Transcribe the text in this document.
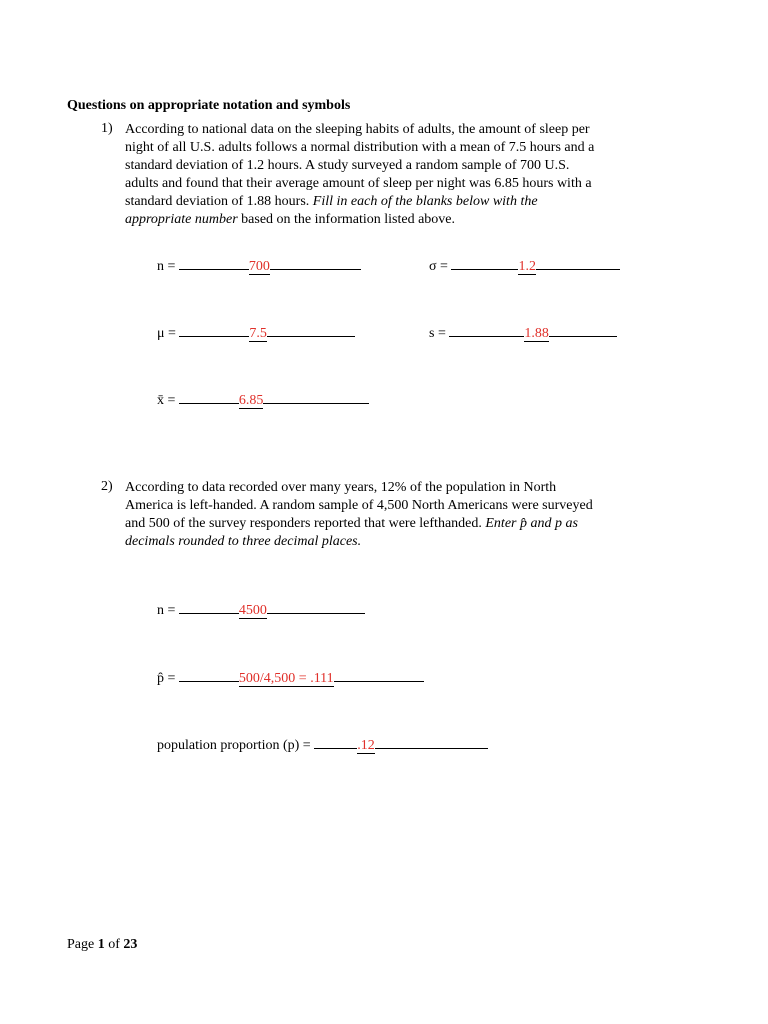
Questions on appropriate notation and symbols
1) According to national data on the sleeping habits of adults, the amount of sleep per
night of all U.S. adults follows a normal distribution with a mean of 7.5 hours and a
standard deviation of 1.2 hours. A study surveyed a random sample of 700 U.S.
adults and found that their average amount of sleep per night was 6.85 hours with a
standard deviation of 1.88 hours. Fill in each of the blanks below with the
appropriate number based on the information listed above.
n =	700	σ =	1.2
μ =	7.5	s =	1.88
x̄ =	6.85
2) According to data recorded over many years, 12% of the population in North
America is left-handed. A random sample of 4,500 North Americans were surveyed
and 500 of the survey responders reported that were lefthanded. Enter p̂ and p as
decimals rounded to three decimal places.
n =	4500
p̂ =	500/4,500 = .111
population proportion (p) =	.12
Page 1 of 23
